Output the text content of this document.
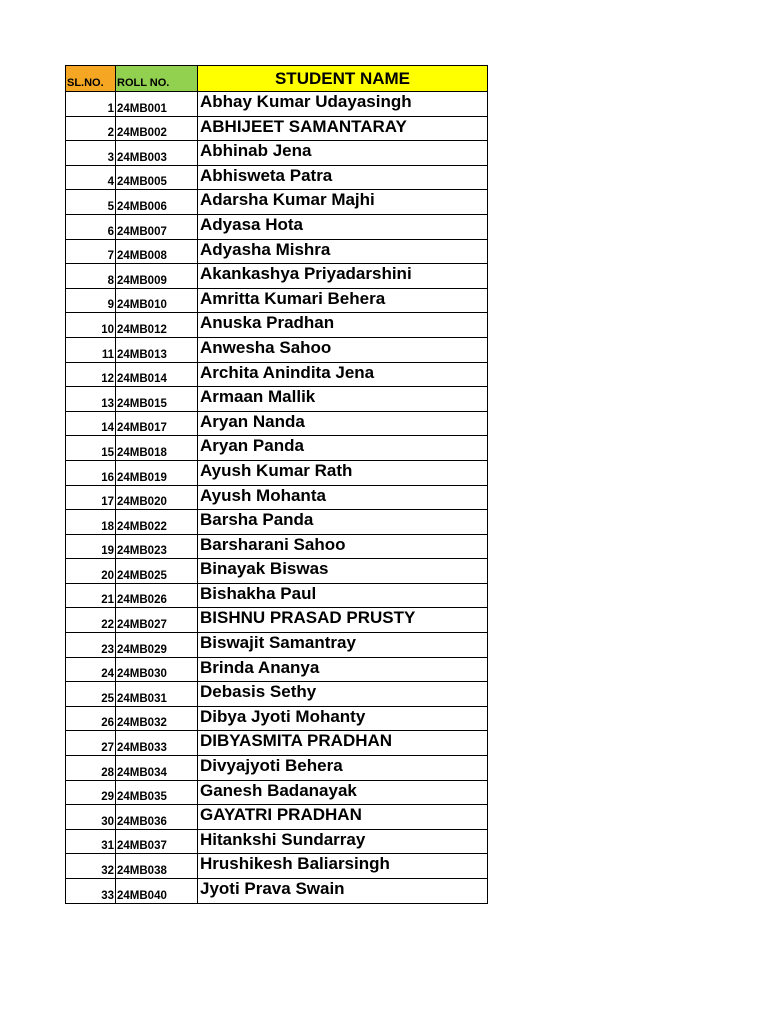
SL.NO.	ROLL NO.	STUDENT NAME
1	24MB001	Abhay Kumar Udayasingh
2	24MB002	ABHIJEET SAMANTARAY
3	24MB003	Abhinab Jena
4	24MB005	Abhisweta Patra
5	24MB006	Adarsha Kumar Majhi
6	24MB007	Adyasa Hota
7	24MB008	Adyasha Mishra
8	24MB009	Akankashya Priyadarshini
9	24MB010	Amritta Kumari Behera
10	24MB012	Anuska Pradhan
11	24MB013	Anwesha Sahoo
12	24MB014	Archita Anindita Jena
13	24MB015	Armaan Mallik
14	24MB017	Aryan Nanda
15	24MB018	Aryan Panda
16	24MB019	Ayush Kumar Rath
17	24MB020	Ayush Mohanta
18	24MB022	Barsha Panda
19	24MB023	Barsharani Sahoo
20	24MB025	Binayak Biswas
21	24MB026	Bishakha Paul
22	24MB027	BISHNU PRASAD PRUSTY
23	24MB029	Biswajit Samantray
24	24MB030	Brinda Ananya
25	24MB031	Debasis Sethy
26	24MB032	Dibya Jyoti Mohanty
27	24MB033	DIBYASMITA PRADHAN
28	24MB034	Divyajyoti Behera
29	24MB035	Ganesh Badanayak
30	24MB036	GAYATRI PRADHAN
31	24MB037	Hitankshi Sundarray
32	24MB038	Hrushikesh Baliarsingh
33	24MB040	Jyoti Prava Swain
